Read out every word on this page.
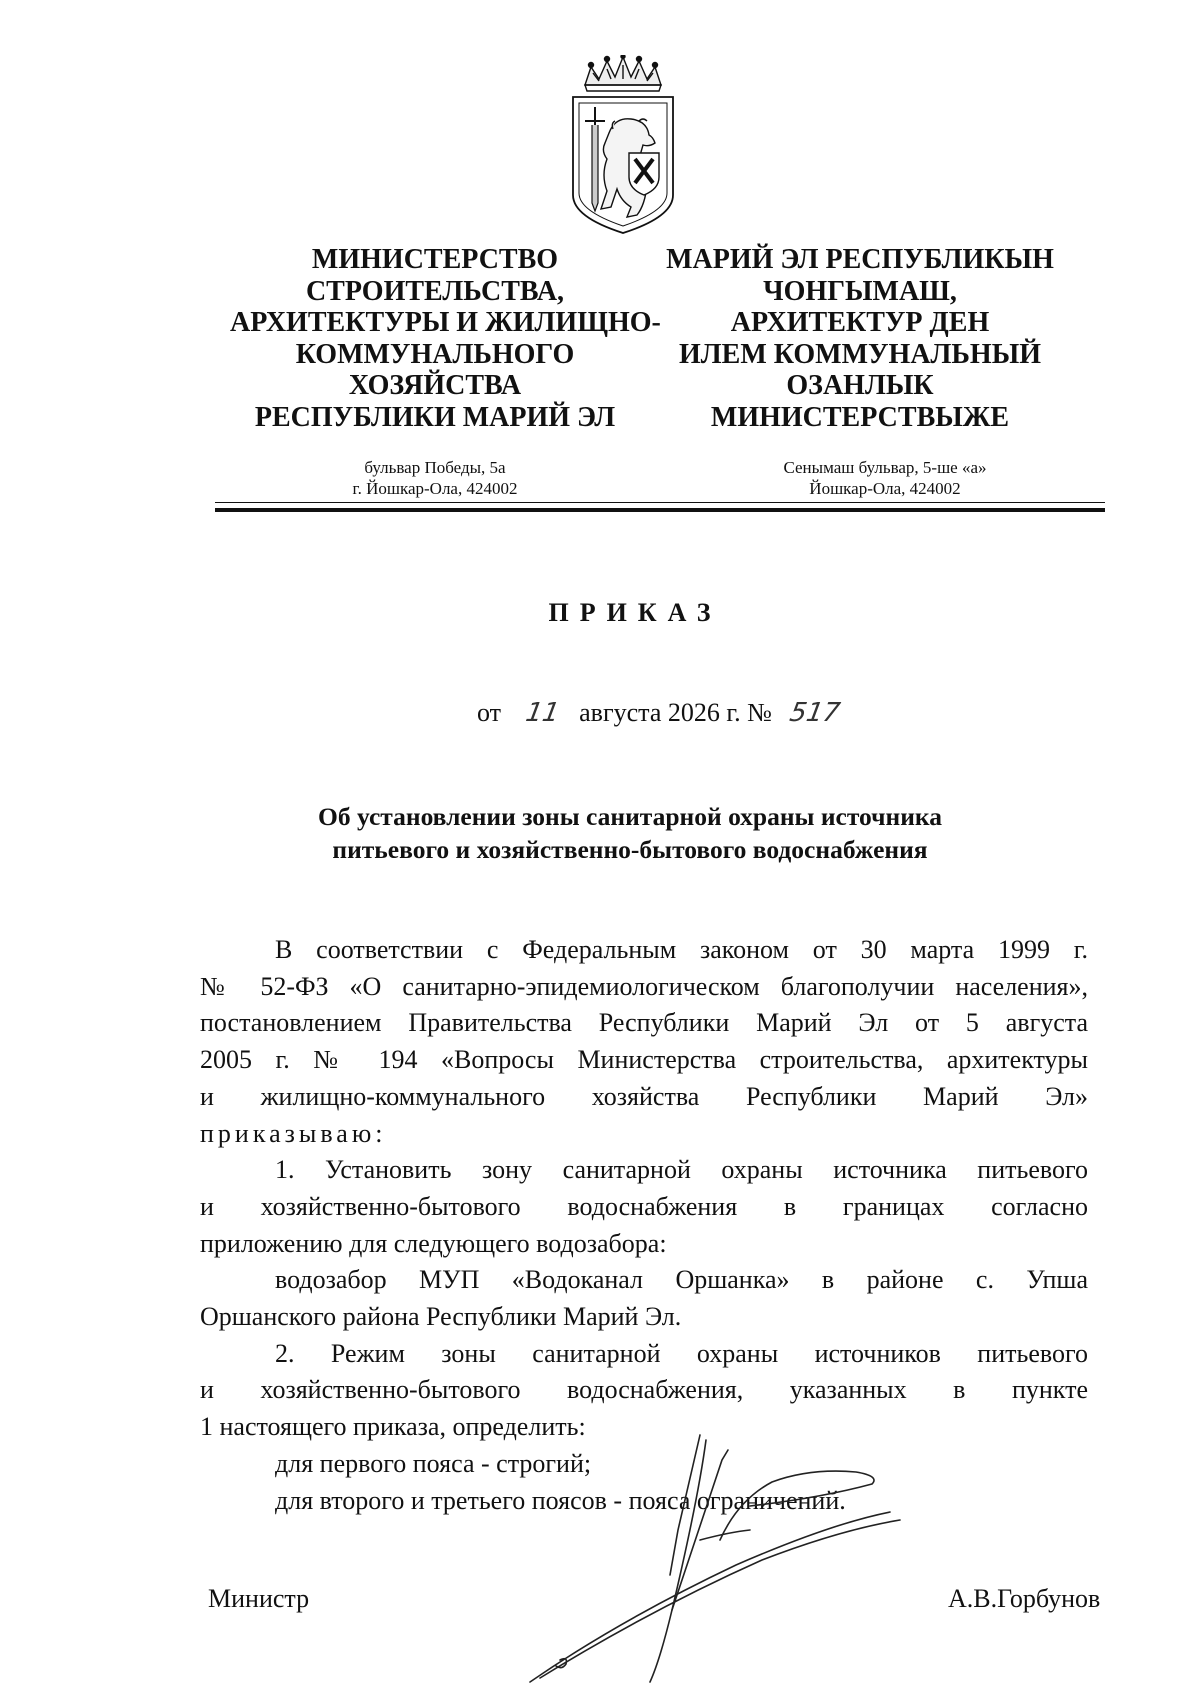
МИНИСТЕРСТВО
СТРОИТЕЛЬСТВА,
АРХИТЕКТУРЫ И ЖИЛИЩНО-
КОММУНАЛЬНОГО
ХОЗЯЙСТВА
РЕСПУБЛИКИ МАРИЙ ЭЛ
МАРИЙ ЭЛ РЕСПУБЛИКЫН
ЧОНГЫМАШ,
АРХИТЕКТУР ДЕН
ИЛЕМ КОММУНАЛЬНЫЙ
ОЗАНЛЫК
МИНИСТЕРСТВЫЖЕ
бульвар Победы, 5а
г. Йошкар-Ола, 424002
Сенымаш бульвар, 5-ше «а»
Йошкар-Ола, 424002
ПРИКАЗ
от 11 августа 2026 г. № 517
Об установлении зоны санитарной охраны источника
питьевого и хозяйственно-бытового водоснабжения
В соответствии с Федеральным законом от 30 марта 1999 г.
№ 52-ФЗ «О санитарно-эпидемиологическом благополучии населения»,
постановлением Правительства Республики Марий Эл от 5 августа
2005 г. № 194 «Вопросы Министерства строительства, архитектуры
и жилищно-коммунального хозяйства Республики Марий Эл»
приказываю:
1. Установить зону санитарной охраны источника питьевого
и хозяйственно-бытового водоснабжения в границах согласно
приложению для следующего водозабора:
водозабор МУП «Водоканал Оршанка» в районе с. Упша
Оршанского района Республики Марий Эл.
2. Режим зоны санитарной охраны источников питьевого
и хозяйственно-бытового водоснабжения, указанных в пункте
1 настоящего приказа, определить:
для первого пояса - строгий;
для второго и третьего поясов - пояса ограничений.
Министр	А.В.Горбунов
